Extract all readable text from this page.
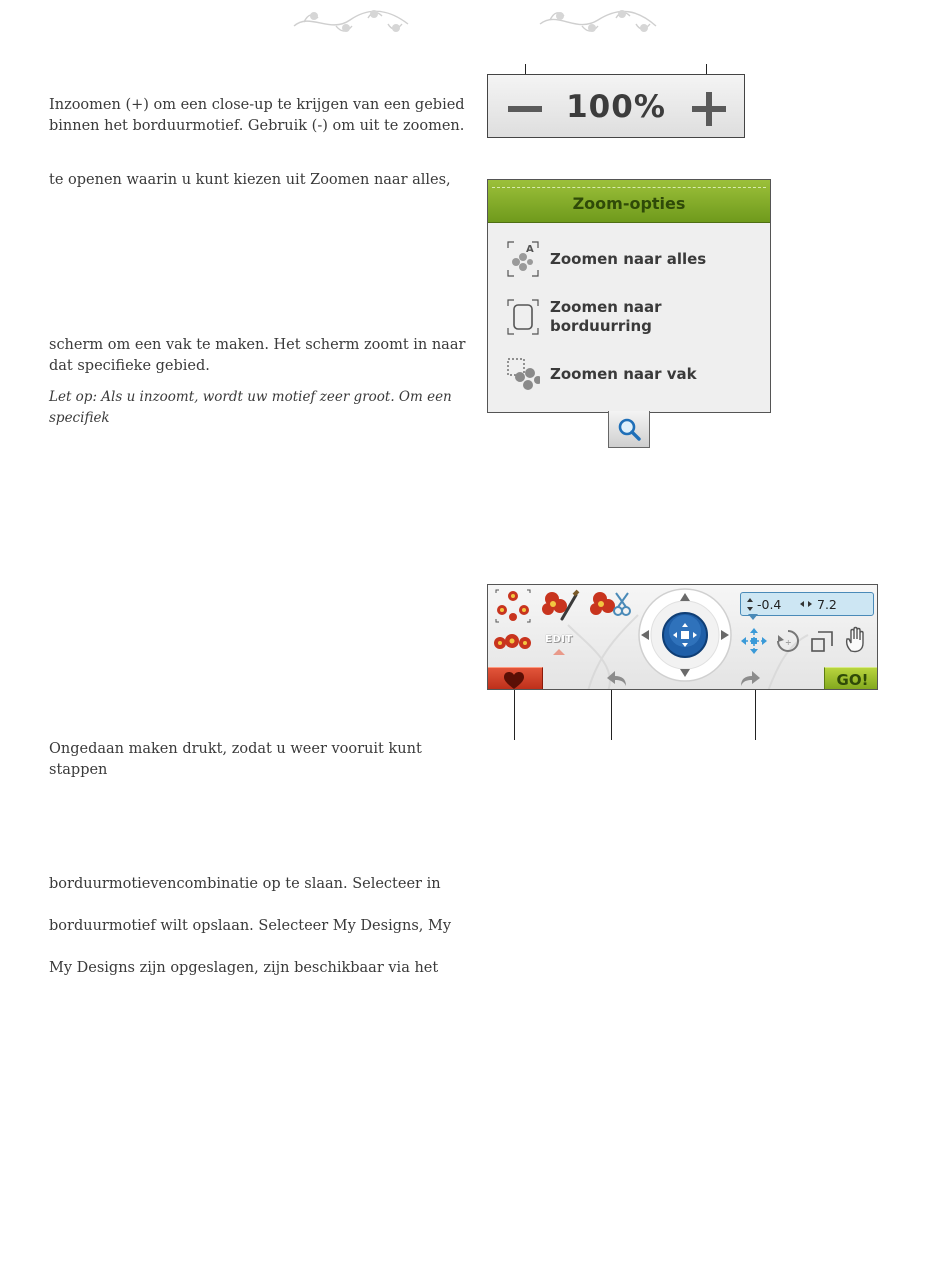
Inzoomen (+) om een close-up te krijgen van een gebied
binnen het borduurmotief. Gebruik (-) om uit te zoomen.

te openen waarin u kunt kiezen uit Zoomen naar alles,

scherm om een vak te maken. Het scherm zoomt in naar
dat specifieke gebied.

Let op: Als u inzoomt, wordt uw motief zeer groot. Om een specifiek

Ongedaan maken drukt, zodat u weer vooruit kunt stappen

borduurmotievencombinatie op te slaan. Selecteer in

borduurmotief wilt opslaan. Selecteer My Designs, My

My Designs zijn opgeslagen, zijn beschikbaar via het

100%
Zoom-opties
A Zoomen naar alles
Zoomen naar
borduurring
Zoomen naar vak
EDIT
-0.4	7.2
÷
GO!
